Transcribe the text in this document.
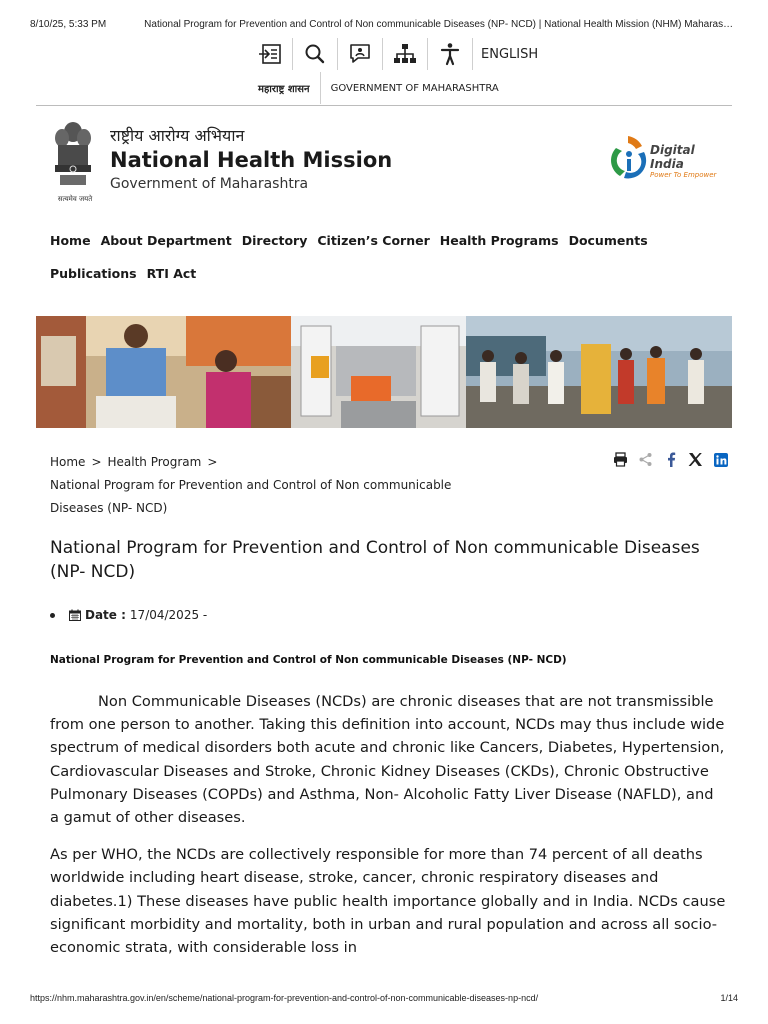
8/10/25, 5:33 PM	National Program for Prevention and Control of Non communicable Diseases (NP- NCD) | National Health Mission (NHM) Maharas…
ENGLISH
महाराष्ट्र शासन	GOVERNMENT OF MAHARASHTRA
सत्यमेव जयते
राष्ट्रीय आरोग्य अभियान
National Health Mission
Government of Maharashtra
Digital India
Power To Empower
Home About Department Directory Citizen’s Corner Health Programs Documents
Publications RTI Act
Home > Health Program >
National Program for Prevention and Control of Non communicable Diseases (NP- NCD)
National Program for Prevention and Control of Non communicable Diseases (NP- NCD)
Date : 17/04/2025 -
National Program for Prevention and Control of Non communicable Diseases (NP- NCD)

Non Communicable Diseases (NCDs) are chronic diseases that are not transmissible from one person to another. Taking this definition into account, NCDs may thus include wide spectrum of medical disorders both acute and chronic like Cancers, Diabetes, Hypertension, Cardiovascular Diseases and Stroke, Chronic Kidney Diseases (CKDs), Chronic Obstructive Pulmonary Diseases (COPDs) and Asthma, Non- Alcoholic Fatty Liver Disease (NAFLD), and a gamut of other diseases.

As per WHO, the NCDs are collectively responsible for more than 74 percent of all deaths worldwide including heart disease, stroke, cancer, chronic respiratory diseases and diabetes.1) These diseases have public health importance globally and in India. NCDs cause significant morbidity and mortality, both in urban and rural population and across all socio-economic strata, with considerable loss in

https://nhm.maharashtra.gov.in/en/scheme/national-program-for-prevention-and-control-of-non-communicable-diseases-np-ncd/	1/14
